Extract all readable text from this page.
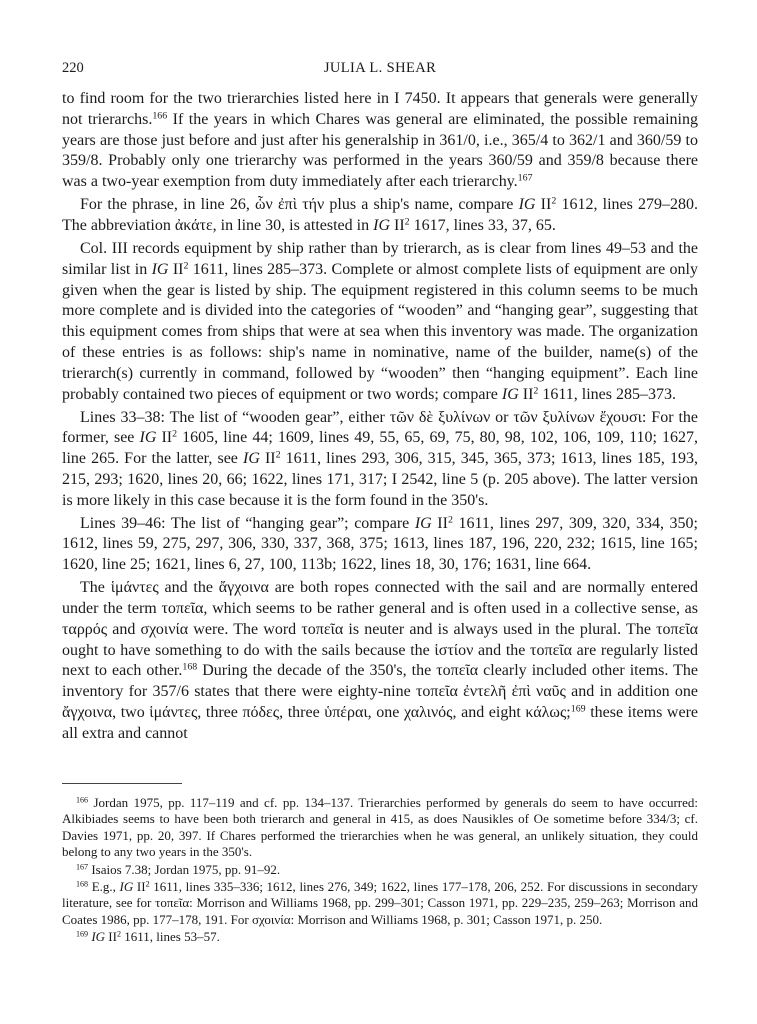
220	JULIA L. SHEAR

to find room for the two trierarchies listed here in I 7450. It appears that generals were generally not trierarchs.$^{166}$ If the years in which Chares was general are eliminated, the possible remaining years are those just before and just after his generalship in 361/0, i.e., 365/4 to 362/1 and 360/59 to 359/8. Probably only one trierarchy was performed in the years 360/59 and 359/8 because there was a two-year exemption from duty immediately after each trierarchy.$^{167}$

For the phrase, in line 26, ὧν ἐπὶ τήν plus a ship's name, compare IG $II^2$ 1612, lines 279–280. The abbreviation ἀκάτε, in line 30, is attested in IG $II^2$ 1617, lines 33, 37, 65.

Col. III records equipment by ship rather than by trierarch, as is clear from lines 49–53 and the similar list in IG $II^2$ 1611, lines 285–373. Complete or almost complete lists of equipment are only given when the gear is listed by ship. The equipment registered in this column seems to be much more complete and is divided into the categories of “wooden” and “hanging gear”, suggesting that this equipment comes from ships that were at sea when this inventory was made. The organization of these entries is as follows: ship's name in nominative, name of the builder, name(s) of the trierarch(s) currently in command, followed by “wooden” then “hanging equipment”. Each line probably contained two pieces of equipment or two words; compare IG $II^2$ 1611, lines 285–373.

Lines 33–38: The list of “wooden gear”, either τῶν δὲ ξυλίνων or τῶν ξυλίνων ἔχουσι: For the former, see IG $II^2$ 1605, line 44; 1609, lines 49, 55, 65, 69, 75, 80, 98, 102, 106, 109, 110; 1627, line 265. For the latter, see IG $II^2$ 1611, lines 293, 306, 315, 345, 365, 373; 1613, lines 185, 193, 215, 293; 1620, lines 20, 66; 1622, lines 171, 317; I 2542, line 5 (p. 205 above). The latter version is more likely in this case because it is the form found in the 350's.

Lines 39–46: The list of “hanging gear”; compare IG $II^2$ 1611, lines 297, 309, 320, 334, 350; 1612, lines 59, 275, 297, 306, 330, 337, 368, 375; 1613, lines 187, 196, 220, 232; 1615, line 165; 1620, line 25; 1621, lines 6, 27, 100, 113b; 1622, lines 18, 30, 176; 1631, line 664.

The ἱμάντες and the ἄγχοινα are both ropes connected with the sail and are normally entered under the term τοπεῖα, which seems to be rather general and is often used in a collective sense, as ταρρός and σχοινία were. The word τοπεῖα is neuter and is always used in the plural. The τοπεῖα ought to have something to do with the sails because the ἱστίον and the τοπεῖα are regularly listed next to each other.$^{168}$ During the decade of the 350's, the τοπεῖα clearly included other items. The inventory for 357/6 states that there were eighty-nine τοπεῖα ἐντελῆ ἐπὶ ναῦς and in addition one ἄγχοινα, two ἱμάντες, three πόδες, three ὑπέραι, one χαλινός, and eight κάλως;$^{169}$ these items were all extra and cannot

$^{166}$ Jordan 1975, pp. 117–119 and cf. pp. 134–137. Trierarchies performed by generals do seem to have occurred: Alkibiades seems to have been both trierarch and general in 415, as does Nausikles of Oe sometime before 334/3; cf. Davies 1971, pp. 20, 397. If Chares performed the trierarchies when he was general, an unlikely situation, they could belong to any two years in the 350's.

$^{167}$ Isaios 7.38; Jordan 1975, pp. 91–92.

$^{168}$ E.g., IG $II^2$ 1611, lines 335–336; 1612, lines 276, 349; 1622, lines 177–178, 206, 252. For discussions in secondary literature, see for τοπεῖα: Morrison and Williams 1968, pp. 299–301; Casson 1971, pp. 229–235, 259–263; Morrison and Coates 1986, pp. 177–178, 191. For σχοινία: Morrison and Williams 1968, p. 301; Casson 1971, p. 250.

$^{169}$ IG $II^2$ 1611, lines 53–57.
